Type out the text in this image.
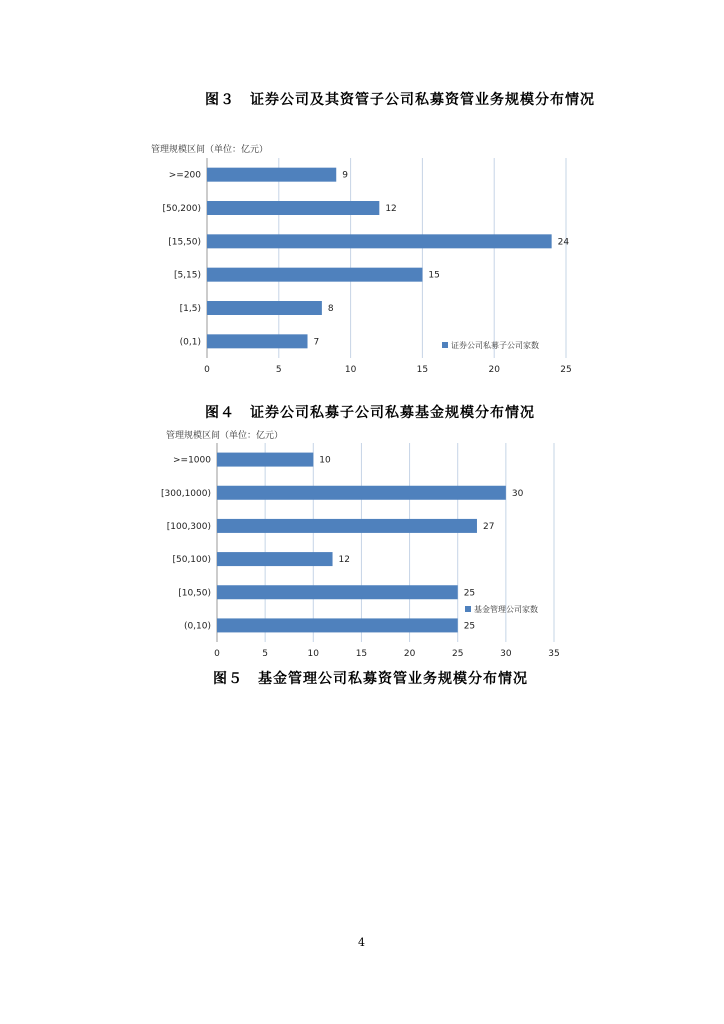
图３　证券公司及其资管子公司私募资管业务规模分布情况
管理规模区间（单位：亿元）
0	5	10	15	20	25
>=200	9
[50,200)	12
[15,50)	24
[5,15)	15
[1,5)	8
(0,1)	7	证券公司私募子公司家数
图４　证券公司私募子公司私募基金规模分布情况
管理规模区间（单位：亿元）
0	5	10	15	20	25	30	35
>=1000	10
[300,1000)	30
[100,300)	27
[50,100)	12
[10,50)	25
(0,10)	25
基金管理公司家数
图５　基金管理公司私募资管业务规模分布情况
4
